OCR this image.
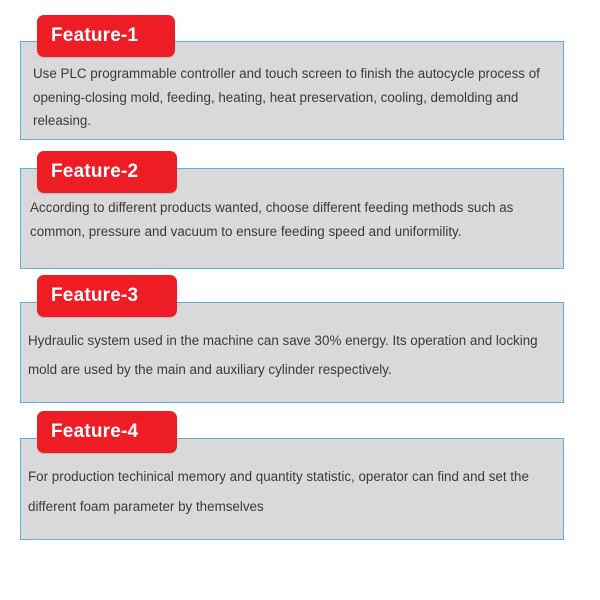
Feature-1
Use PLC programmable controller and touch screen to finish the autocycle process of opening-closing mold, feeding, heating, heat preservation, cooling, demolding and releasing.
Feature-2
According to different products wanted, choose different feeding methods such as common, pressure and vacuum to ensure feeding speed and uniformility.
Feature-3
Hydraulic system used in the machine can save 30% energy. Its operation and locking mold are used by the main and auxiliary cylinder respectively.
Feature-4
For production techinical memory and quantity statistic, operator can find and set the different foam parameter by themselves
